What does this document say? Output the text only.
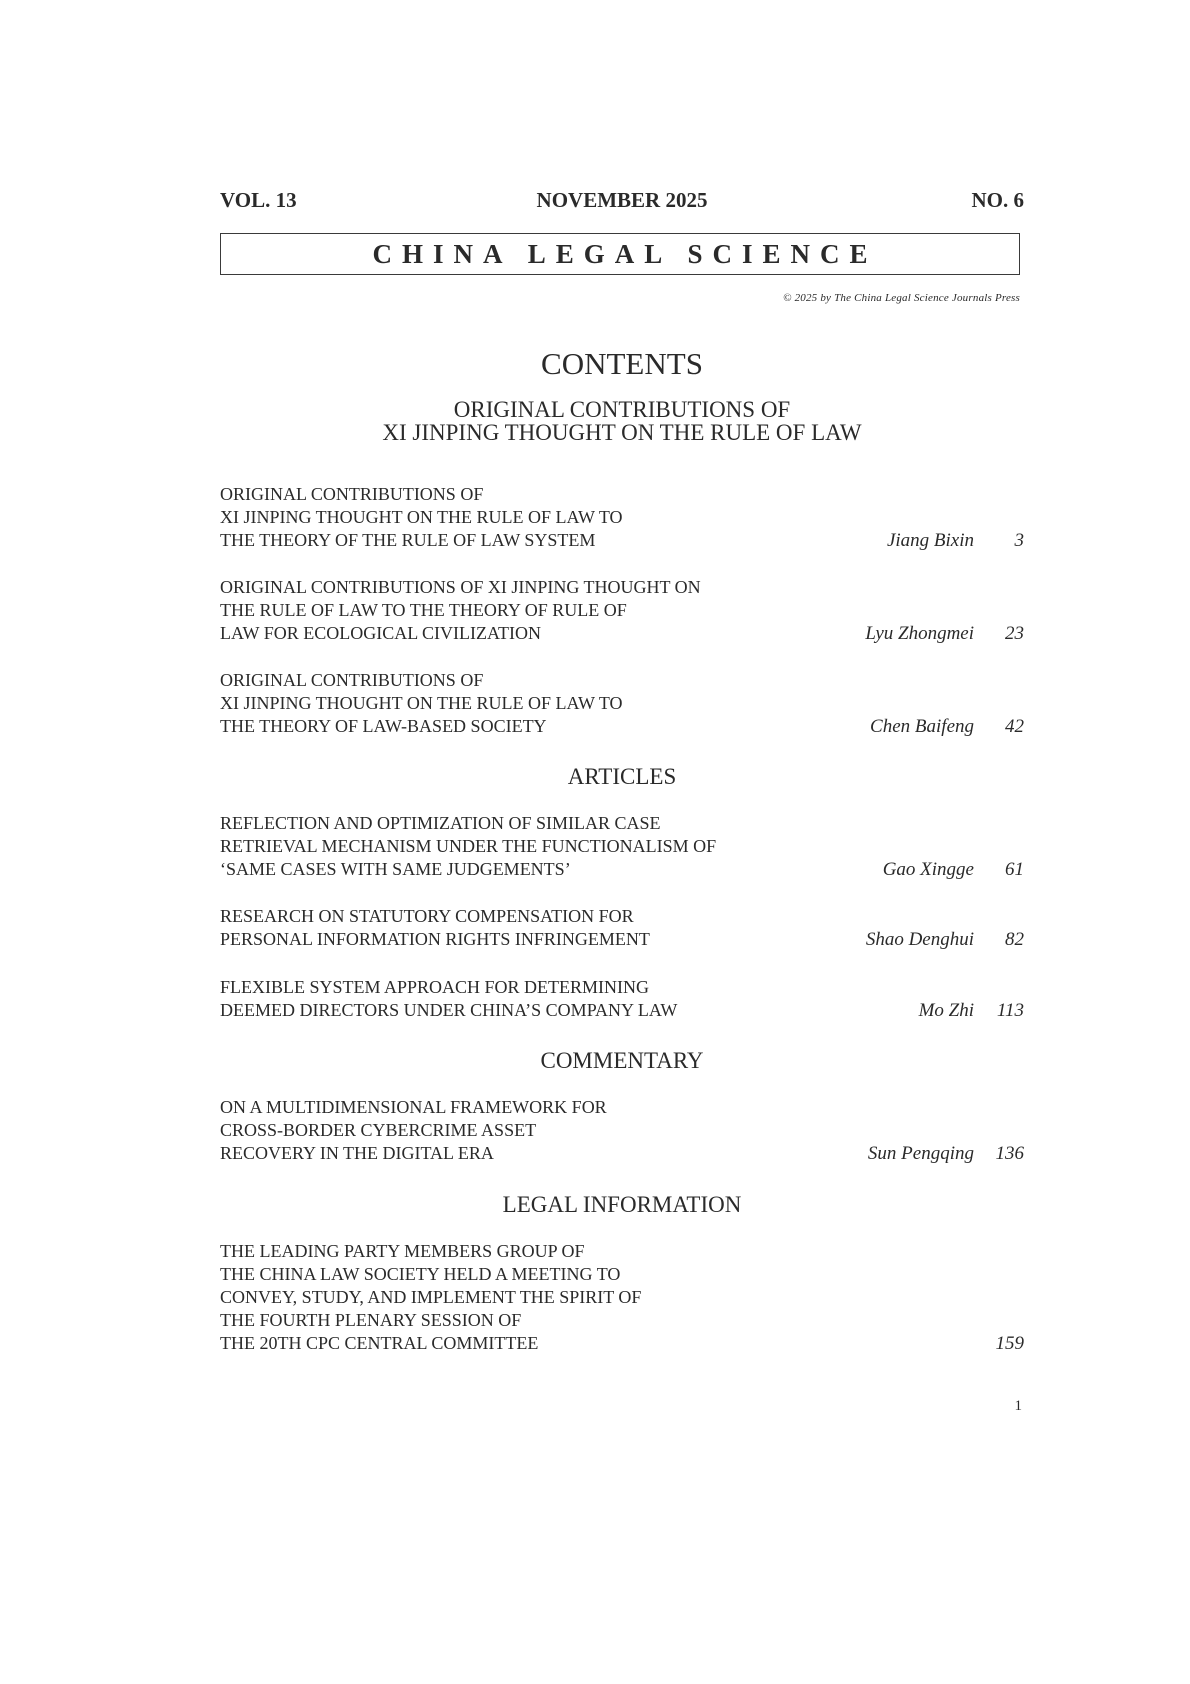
NOVEMBER 2025
VOL. 13	NO. 6
CHINA LEGAL SCIENCE
© 2025 by The China Legal Science Journals Press
CONTENTS
ORIGINAL CONTRIBUTIONS OF
XI JINPING THOUGHT ON THE RULE OF LAW
ORIGINAL CONTRIBUTIONS OF
XI JINPING THOUGHT ON THE RULE OF LAW TO
THE THEORY OF THE RULE OF LAW SYSTEM	Jiang Bixin 3
ORIGINAL CONTRIBUTIONS OF XI JINPING THOUGHT ON
THE RULE OF LAW TO THE THEORY OF RULE OF
LAW FOR ECOLOGICAL CIVILIZATION	Lyu Zhongmei 23
ORIGINAL CONTRIBUTIONS OF
XI JINPING THOUGHT ON THE RULE OF LAW TO
THE THEORY OF LAW-BASED SOCIETY	Chen Baifeng 42
ARTICLES
REFLECTION AND OPTIMIZATION OF SIMILAR CASE
RETRIEVAL MECHANISM UNDER THE FUNCTIONALISM OF
‘SAME CASES WITH SAME JUDGEMENTS’	Gao Xingge 61
RESEARCH ON STATUTORY COMPENSATION FOR
PERSONAL INFORMATION RIGHTS INFRINGEMENT	Shao Denghui 82
FLEXIBLE SYSTEM APPROACH FOR DETERMINING
DEEMED DIRECTORS UNDER CHINA’S COMPANY LAW	Mo Zhi 113
COMMENTARY
ON A MULTIDIMENSIONAL FRAMEWORK FOR
CROSS-BORDER CYBERCRIME ASSET
RECOVERY IN THE DIGITAL ERA	Sun Pengqing 136
LEGAL INFORMATION
THE LEADING PARTY MEMBERS GROUP OF
THE CHINA LAW SOCIETY HELD A MEETING TO
CONVEY, STUDY, AND IMPLEMENT THE SPIRIT OF
THE FOURTH PLENARY SESSION OF
THE 20TH CPC CENTRAL COMMITTEE	159
1
